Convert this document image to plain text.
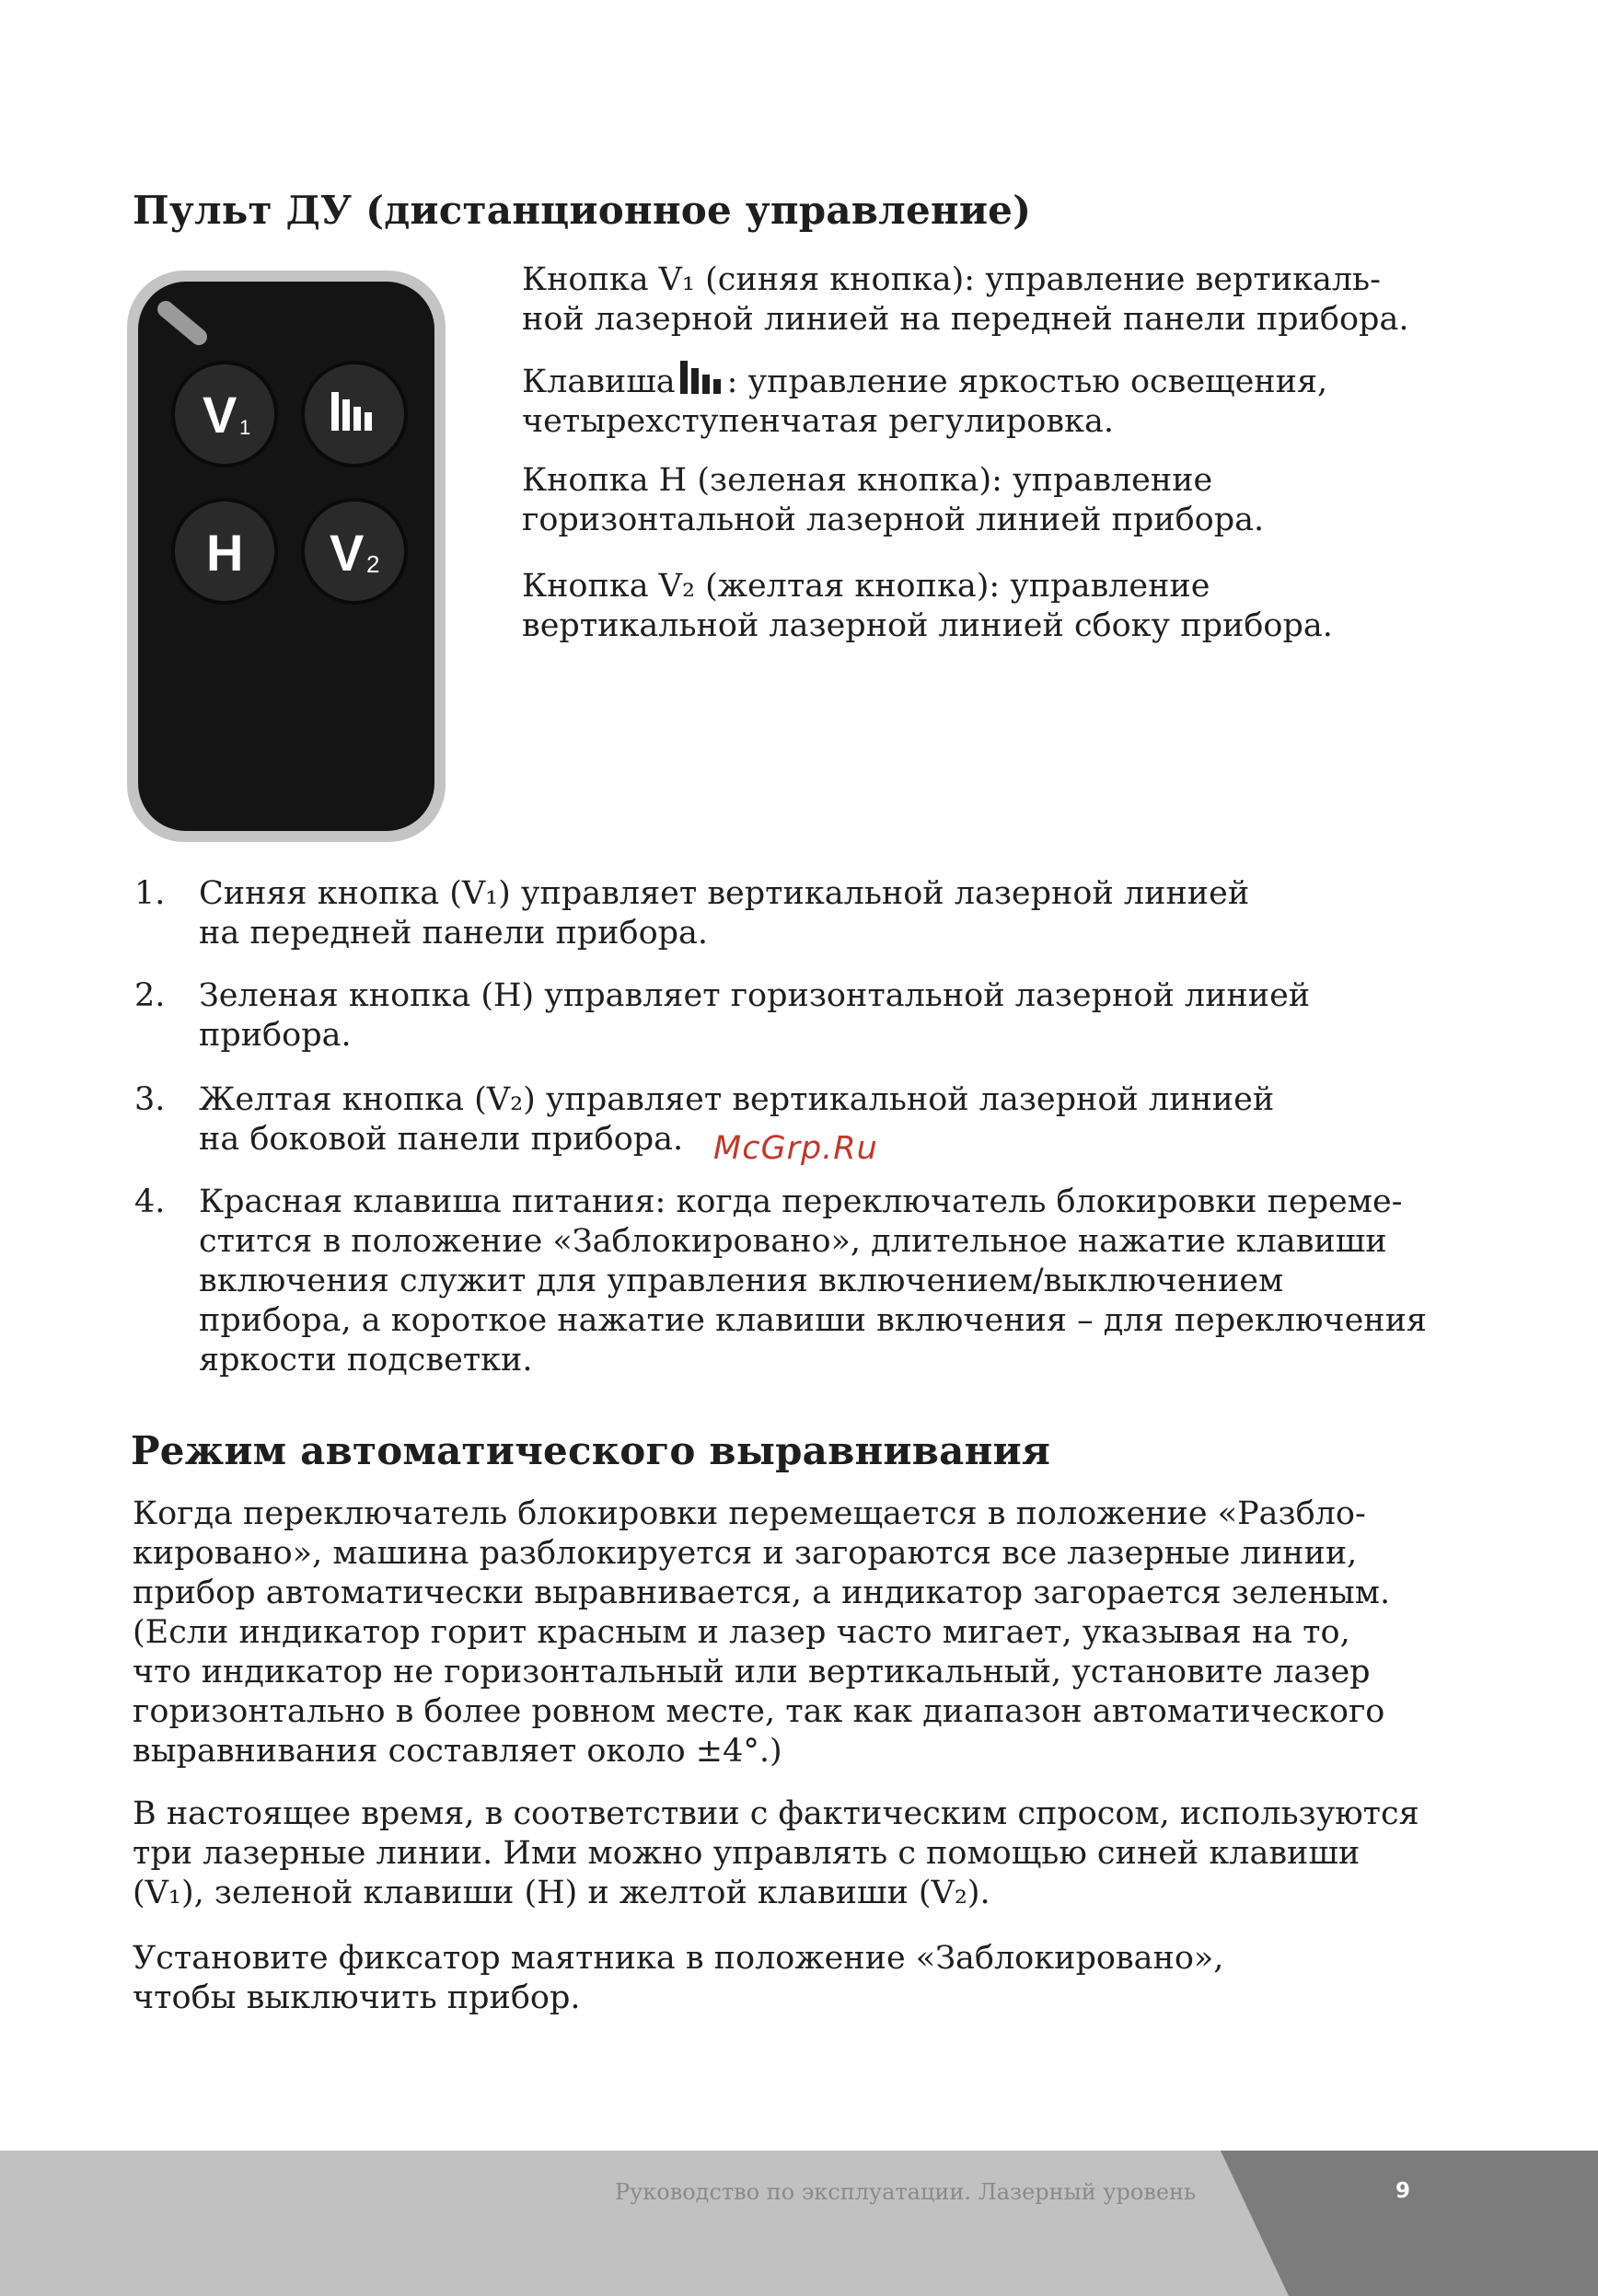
Пульт ДУ (дистанционное управление)
V 1
H V 2
Кнопка V₁ (синяя кнопка): управление вертикаль-
ной лазерной линией на передней панели прибора.
Клавиша : управление яркостью освещения,
четырехступенчатая регулировка.
Кнопка H (зеленая кнопка): управление
горизонтальной лазерной линией прибора.
Кнопка V₂ (желтая кнопка): управление
вертикальной лазерной линией сбоку прибора.
1. Синяя кнопка (V₁) управляет вертикальной лазерной линией
на передней панели прибора.
2. Зеленая кнопка (H) управляет горизонтальной лазерной линией
прибора.
3. Желтая кнопка (V₂) управляет вертикальной лазерной линией
на боковой панели прибора.
4. Красная клавиша питания: когда переключатель блокировки переме-
стится в положение «Заблокировано», длительное нажатие клавиши
включения служит для управления включением/выключением
прибора, а короткое нажатие клавиши включения – для переключения
яркости подсветки.
McGrp.Ru
Режим автоматического выравнивания
Когда переключатель блокировки перемещается в положение «Разбло-
кировано», машина разблокируется и загораются все лазерные линии,
прибор автоматически выравнивается, а индикатор загорается зеленым.
(Если индикатор горит красным и лазер часто мигает, указывая на то,
что индикатор не горизонтальный или вертикальный, установите лазер
горизонтально в более ровном месте, так как диапазон автоматического
выравнивания составляет около ±4°.)
В настоящее время, в соответствии с фактическим спросом, используются
три лазерные линии. Ими можно управлять с помощью синей клавиши
(V₁), зеленой клавиши (H) и желтой клавиши (V₂).
Установите фиксатор маятника в положение «Заблокировано»,
чтобы выключить прибор.
Руководство по эксплуатации. Лазерный уровень	9
